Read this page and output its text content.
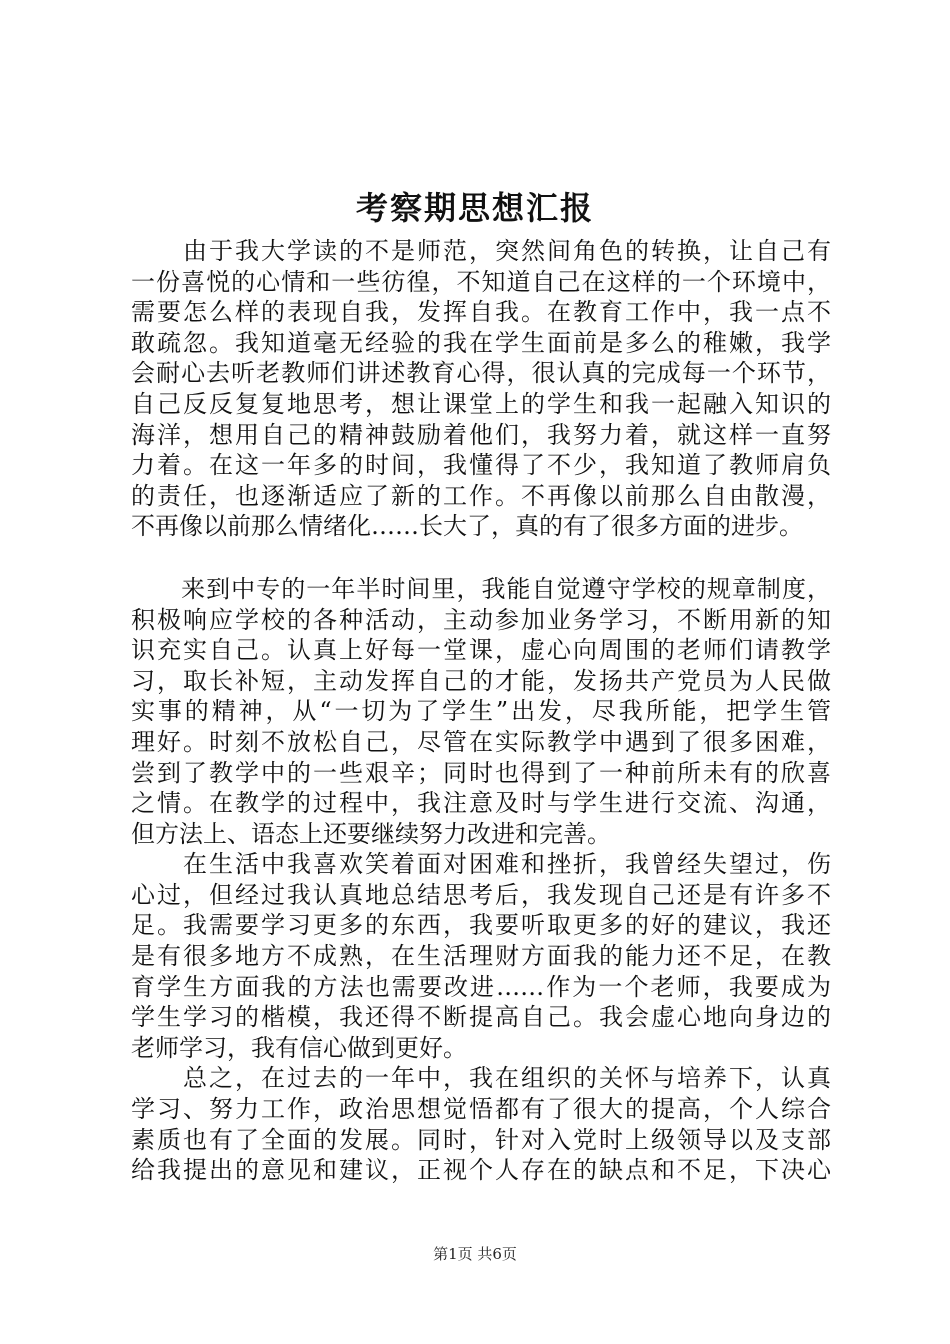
考察期思想汇报
　　由于我大学读的不是师范，突然间角色的转换，让自己有
一份喜悦的心情和一些彷徨，不知道自己在这样的一个环境中，
需要怎么样的表现自我，发挥自我。在教育工作中，我一点不
敢疏忽。我知道毫无经验的我在学生面前是多么的稚嫩，我学
会耐心去听老教师们讲述教育心得，很认真的完成每一个环节，
自己反反复复地思考，想让课堂上的学生和我一起融入知识的
海洋，想用自己的精神鼓励着他们，我努力着，就这样一直努
力着。在这一年多的时间，我懂得了不少，我知道了教师肩负
的责任，也逐渐适应了新的工作。不再像以前那么自由散漫，
不再像以前那么情绪化……长大了，真的有了很多方面的进步。
　　来到中专的一年半时间里，我能自觉遵守学校的规章制度，
积极响应学校的各种活动，主动参加业务学习，不断用新的知
识充实自己。认真上好每一堂课，虚心向周围的老师们请教学
习，取长补短，主动发挥自己的才能，发扬共产党员为人民做
实事的精神，从“一切为了学生”出发，尽我所能，把学生管
理好。时刻不放松自己，尽管在实际教学中遇到了很多困难，
尝到了教学中的一些艰辛；同时也得到了一种前所未有的欣喜
之情。在教学的过程中，我注意及时与学生进行交流、沟通，
但方法上、语态上还要继续努力改进和完善。
　　在生活中我喜欢笑着面对困难和挫折，我曾经失望过，伤
心过，但经过我认真地总结思考后，我发现自己还是有许多不
足。我需要学习更多的东西，我要听取更多的好的建议，我还
是有很多地方不成熟，在生活理财方面我的能力还不足，在教
育学生方面我的方法也需要改进……作为一个老师，我要成为
学生学习的楷模，我还得不断提高自己。我会虚心地向身边的
老师学习，我有信心做到更好。
　　总之，在过去的一年中，我在组织的关怀与培养下，认真
学习、努力工作，政治思想觉悟都有了很大的提高，个人综合
素质也有了全面的发展。同时，针对入党时上级领导以及支部
给我提出的意见和建议，正视个人存在的缺点和不足，下决心
第1页 共6页
